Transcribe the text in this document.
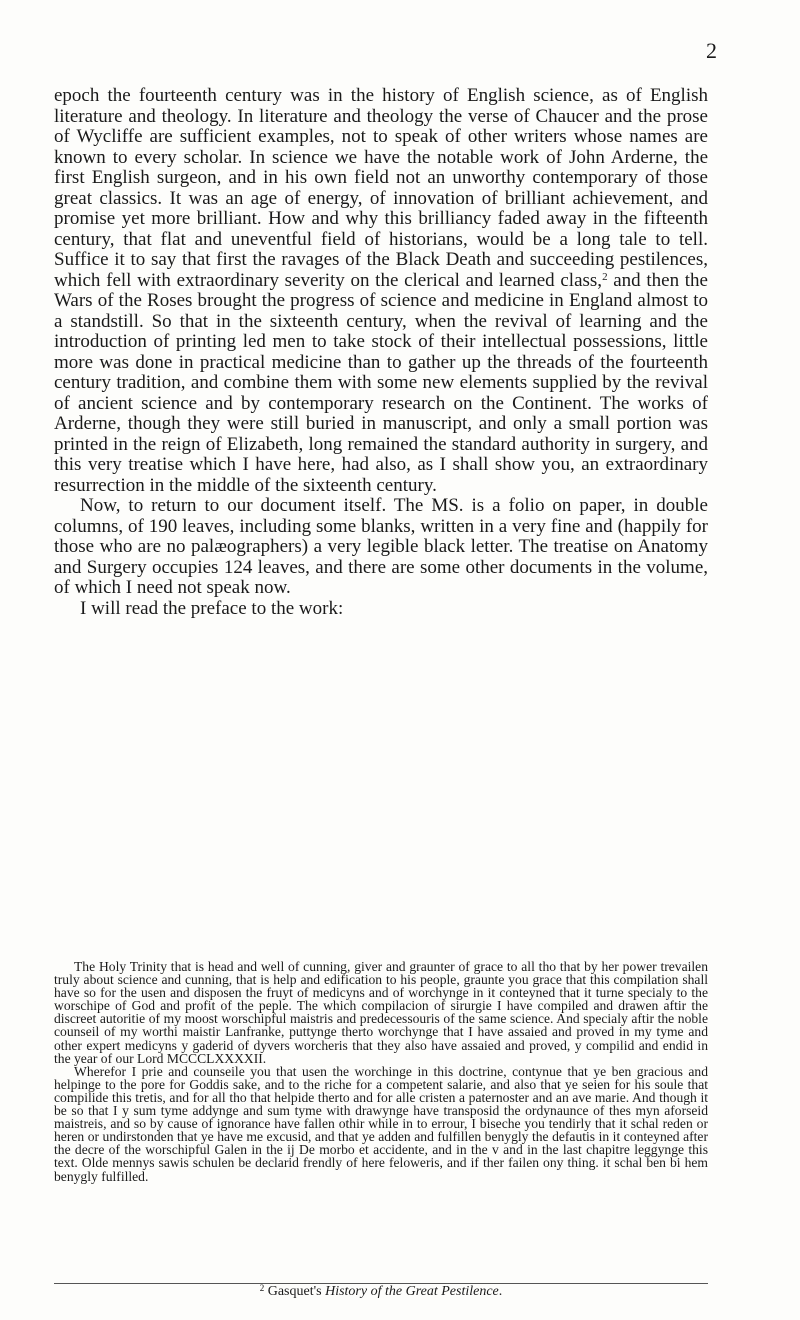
2

epoch the fourteenth century was in the history of English science, as of English literature and theology. In literature and theology the verse of Chaucer and the prose of Wycliffe are sufficient examples, not to speak of other writers whose names are known to every scholar. In science we have the notable work of John Arderne, the first English surgeon, and in his own field not an unworthy contemporary of those great classics. It was an age of energy, of innovation of brilliant achievement, and promise yet more brilliant. How and why this brilliancy faded away in the fifteenth century, that flat and uneventful field of historians, would be a long tale to tell. Suffice it to say that first the ravages of the Black Death and succeeding pestilences, which fell with extraordinary severity on the clerical and learned class,$^2$ and then the Wars of the Roses brought the progress of science and medicine in England almost to a standstill. So that in the sixteenth century, when the revival of learning and the introduction of printing led men to take stock of their intellectual possessions, little more was done in practical medicine than to gather up the threads of the fourteenth century tradition, and combine them with some new elements supplied by the revival of ancient science and by contemporary research on the Continent. The works of Arderne, though they were still buried in manuscript, and only a small portion was printed in the reign of Elizabeth, long remained the standard authority in surgery, and this very treatise which I have here, had also, as I shall show you, an extraordinary resurrection in the middle of the sixteenth century.

Now, to return to our document itself. The MS. is a folio on paper, in double columns, of 190 leaves, including some blanks, written in a very fine and (happily for those who are no palæographers) a very legible black letter. The treatise on Anatomy and Surgery occupies 124 leaves, and there are some other documents in the volume, of which I need not speak now.

I will read the preface to the work:

The Holy Trinity that is head and well of cunning, giver and graunter of grace to all tho that by her power trevailen truly about science and cunning, that is help and edification to his people, graunte you grace that this compilation shall have so for the usen and disposen the fruyt of medicyns and of worchynge in it conteyned that it turne specialy to the worschipe of God and profit of the peple. The which compilacion of sirurgie I have compiled and drawen aftir the discreet autoritie of my moost worschipful maistris and predecessouris of the same science. And specialy aftir the noble counseil of my worthi maistir Lanfranke, puttynge therto worchynge that I have assaied and proved in my tyme and other expert medicyns y gaderid of dyvers worcheris that they also have assaied and proved, y compilid and endid in the year of our Lord MCCCLXXXXII.

Wherefor I prie and counseile you that usen the worchinge in this doctrine, contynue that ye ben gracious and helpinge to the pore for Goddis sake, and to the riche for a competent salarie, and also that ye seien for his soule that compilide this tretis, and for all tho that helpide therto and for alle cristen a paternoster and an ave marie. And though it be so that I y sum tyme addynge and sum tyme with drawynge have transposid the ordynaunce of thes myn aforseid maistreis, and so by cause of ignorance have fallen othir while in to errour, I biseche you tendirly that it schal reden or heren or undirstonden that ye have me excusid, and that ye adden and fulfillen benygly the defautis in it conteyned after the decre of the worschipful Galen in the ij De morbo et accidente, and in the v and in the last chapitre leggynge this text. Olde mennys sawis schulen be declarid frendly of here feloweris, and if ther failen ony thing. it schal ben bi hem benygly fulfilled.

$^2$ Gasquet's History of the Great Pestilence.
